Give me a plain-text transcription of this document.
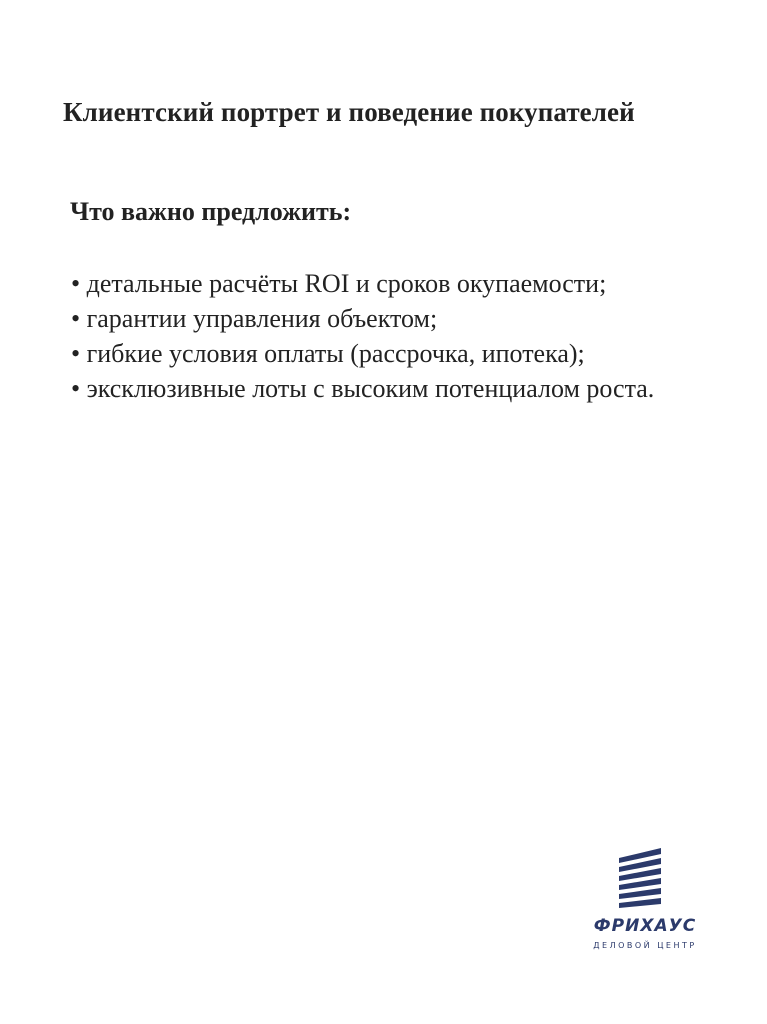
Клиентский портрет и поведение покупателей
Что важно предложить:
• детальные расчёты ROI и сроков окупаемости;
• гарантии управления объектом;
• гибкие условия оплаты (рассрочка, ипотека);
• эксклюзивные лоты с высоким потенциалом роста.
ФРИХАУС
ДЕЛОВОЙ ЦЕНТР
